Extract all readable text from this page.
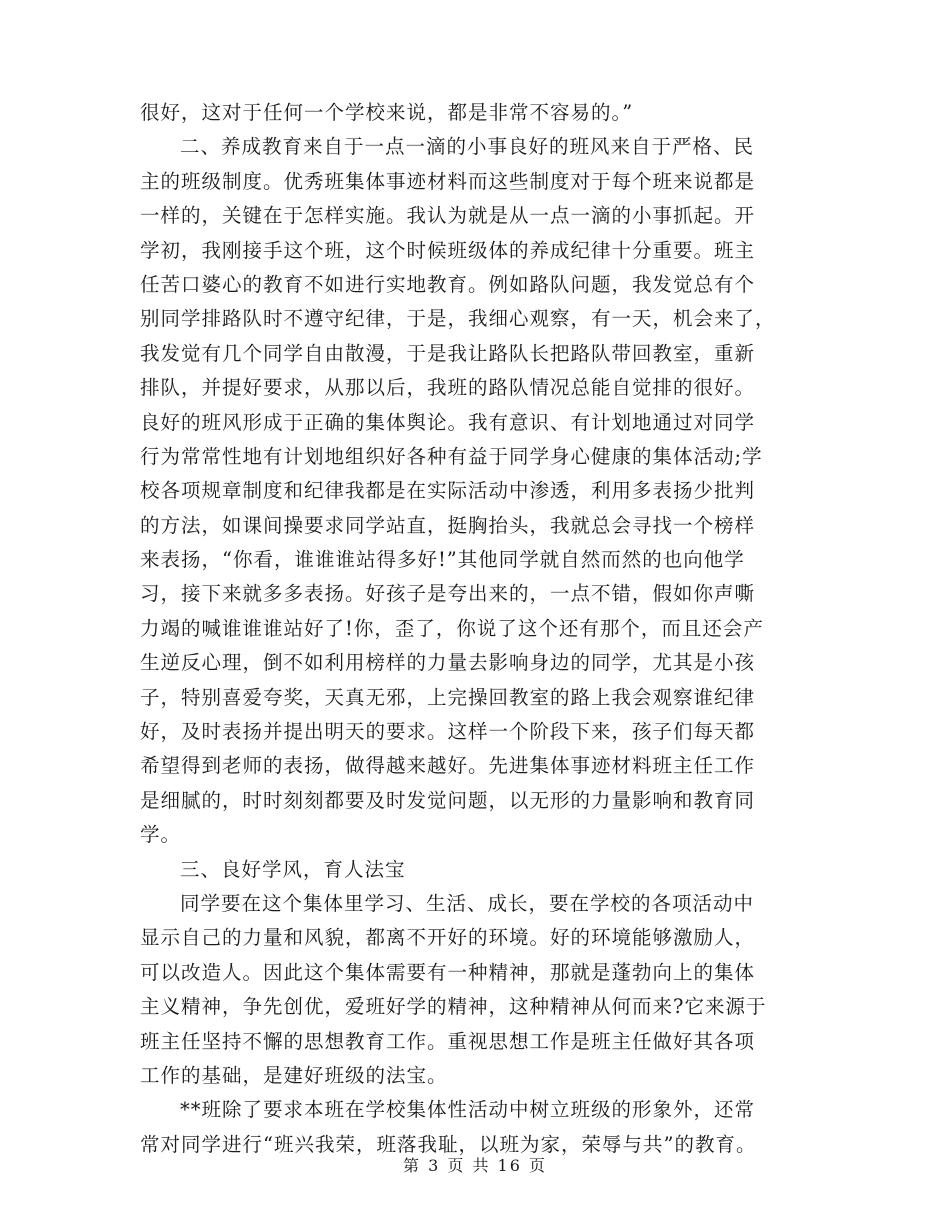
很好，这对于任何一个学校来说，都是非常不容易的。”
二、养成教育来自于一点一滴的小事良好的班风来自于严格、民
主的班级制度。优秀班集体事迹材料而这些制度对于每个班来说都是
一样的，关键在于怎样实施。我认为就是从一点一滴的小事抓起。开
学初，我刚接手这个班，这个时候班级体的养成纪律十分重要。班主
任苦口婆心的教育不如进行实地教育。例如路队问题，我发觉总有个
别同学排路队时不遵守纪律，于是，我细心观察，有一天，机会来了，
我发觉有几个同学自由散漫，于是我让路队长把路队带回教室，重新
排队，并提好要求，从那以后，我班的路队情况总能自觉排的很好。
良好的班风形成于正确的集体舆论。我有意识、有计划地通过对同学
行为常常性地有计划地组织好各种有益于同学身心健康的集体活动;学
校各项规章制度和纪律我都是在实际活动中渗透，利用多表扬少批判
的方法，如课间操要求同学站直，挺胸抬头，我就总会寻找一个榜样
来表扬，“你看，谁谁谁站得多好!”其他同学就自然而然的也向他学
习，接下来就多多表扬。好孩子是夸出来的，一点不错，假如你声嘶
力竭的喊谁谁谁站好了!你，歪了，你说了这个还有那个，而且还会产
生逆反心理，倒不如利用榜样的力量去影响身边的同学，尤其是小孩
子，特别喜爱夸奖，天真无邪，上完操回教室的路上我会观察谁纪律
好，及时表扬并提出明天的要求。这样一个阶段下来，孩子们每天都
希望得到老师的表扬，做得越来越好。先进集体事迹材料班主任工作
是细腻的，时时刻刻都要及时发觉问题，以无形的力量影响和教育同
学。
三、良好学风，育人法宝
同学要在这个集体里学习、生活、成长，要在学校的各项活动中
显示自己的力量和风貌，都离不开好的环境。好的环境能够激励人，
可以改造人。因此这个集体需要有一种精神，那就是蓬勃向上的集体
主义精神，争先创优，爱班好学的精神，这种精神从何而来?它来源于
班主任坚持不懈的思想教育工作。重视思想工作是班主任做好其各项
工作的基础，是建好班级的法宝。
**班除了要求本班在学校集体性活动中树立班级的形象外，还常
常对同学进行“班兴我荣，班落我耻，以班为家，荣辱与共”的教育。
第 3 页 共 16 页
